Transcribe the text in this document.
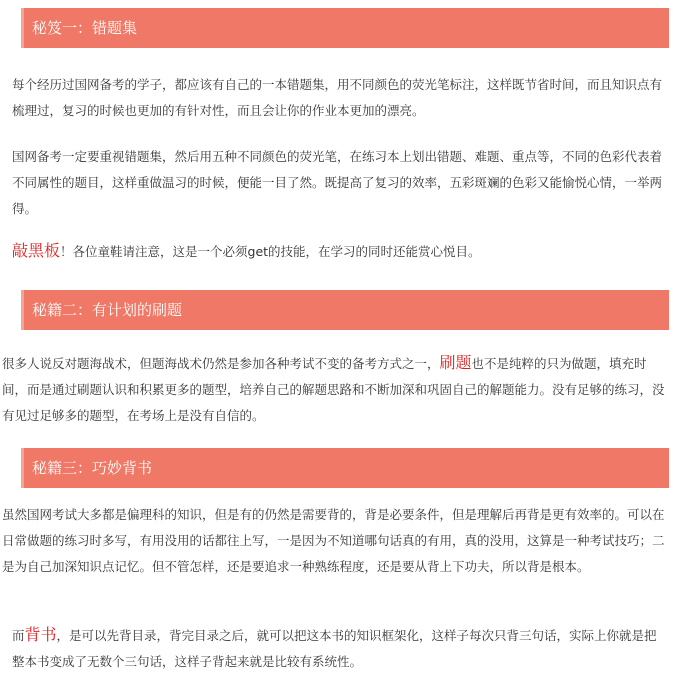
秘笈一：错题集

每个经历过国网备考的学子，都应该有自己的一本错题集，用不同颜色的荧光笔标注，这样既节省时间，而且知识点有梳理过，复习的时候也更加的有针对性，而且会让你的作业本更加的漂亮。

国网备考一定要重视错题集，然后用五种不同颜色的荧光笔，在练习本上划出错题、难题、重点等，不同的色彩代表着不同属性的题目，这样重做温习的时候，便能一目了然。既提高了复习的效率，五彩斑斓的色彩又能愉悦心情，一举两得。

敲黑板！各位童鞋请注意，这是一个必须get的技能，在学习的同时还能赏心悦目。

秘籍二：有计划的刷题

很多人说反对题海战术，但题海战术仍然是参加各种考试不变的备考方式之一，刷题也不是纯粹的只为做题，填充时间，而是通过刷题认识和积累更多的题型，培养自己的解题思路和不断加深和巩固自己的解题能力。没有足够的练习，没有见过足够多的题型，在考场上是没有自信的。

秘籍三：巧妙背书

虽然国网考试大多都是偏理科的知识，但是有的仍然是需要背的，背是必要条件，但是理解后再背是更有效率的。可以在日常做题的练习时多写，有用没用的话都往上写，一是因为不知道哪句话真的有用，真的没用，这算是一种考试技巧；二是为自己加深知识点记忆。但不管怎样，还是要追求一种熟练程度，还是要从背上下功夫，所以背是根本。

而背书，是可以先背目录，背完目录之后，就可以把这本书的知识框架化，这样子每次只背三句话，实际上你就是把整本书变成了无数个三句话，这样子背起来就是比较有系统性。
